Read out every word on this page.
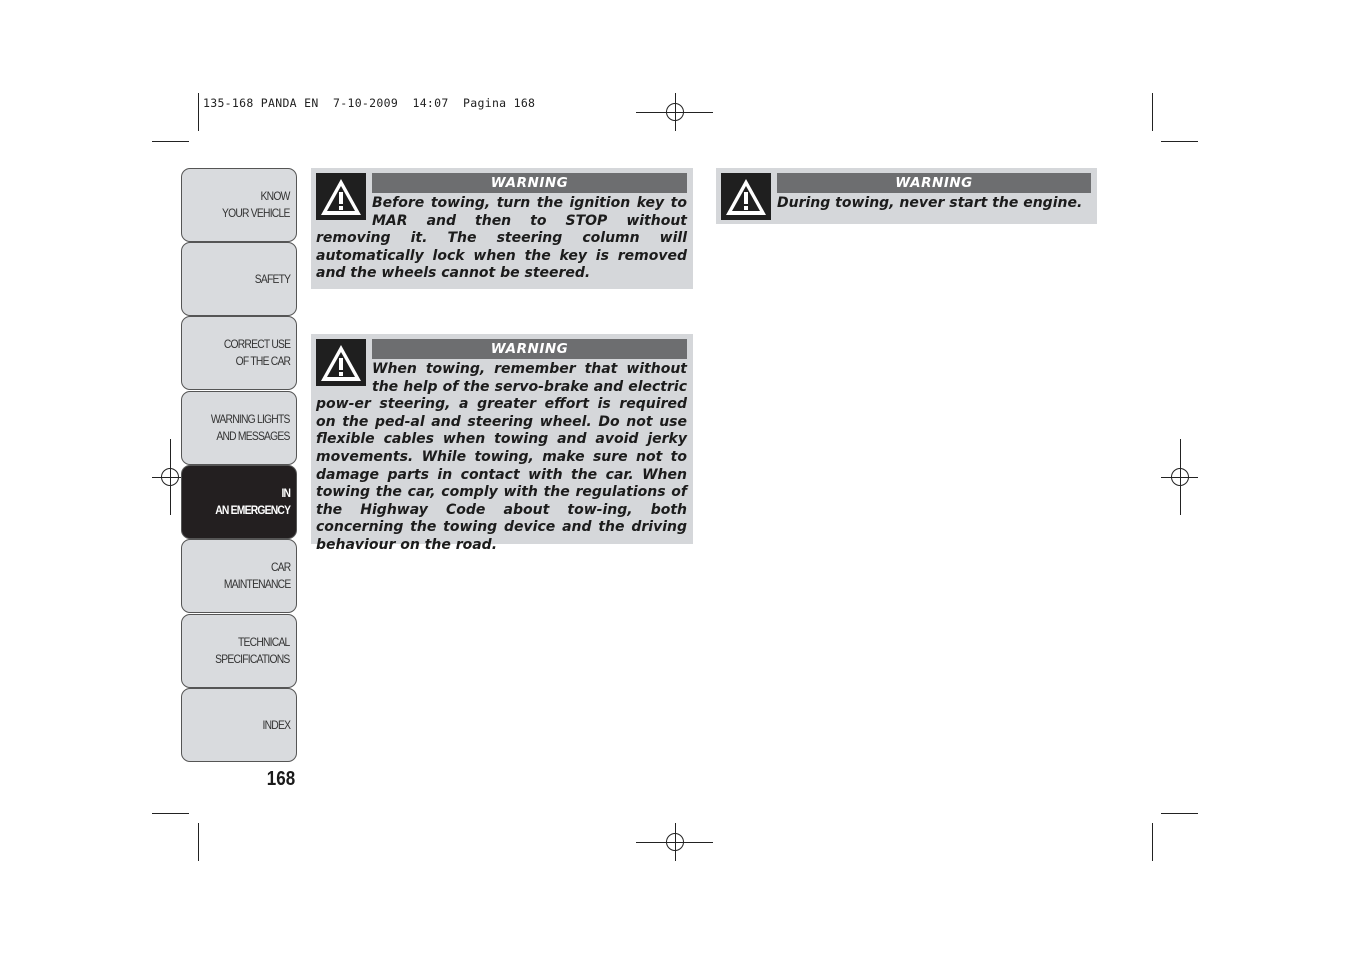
135-168 PANDA EN  7-10-2009  14:07  Pagina 168
KNOW
YOUR VEHICLE
SAFETY
CORRECT USE
OF THE CAR
WARNING LIGHTS
AND MESSAGES
IN
AN EMERGENCY
CAR
MAINTENANCE
TECHNICAL
SPECIFICATIONS
INDEX
168
WARNING

Before towing, turn the ignition key to MAR and then to STOP without removing it. The steering column will automatically lock when the key is removed and the wheels cannot be steered.

WARNING

When towing, remember that without the help of the servo-brake and electric pow-er steering, a greater effort is required on the ped-al and steering wheel. Do not use flexible cables when towing and avoid jerky movements. While towing, make sure not to damage parts in contact with the car. When towing the car, comply with the regulations of the Highway Code about tow-ing, both concerning the towing device and the driving behaviour on the road.

WARNING

During towing, never start the engine.
